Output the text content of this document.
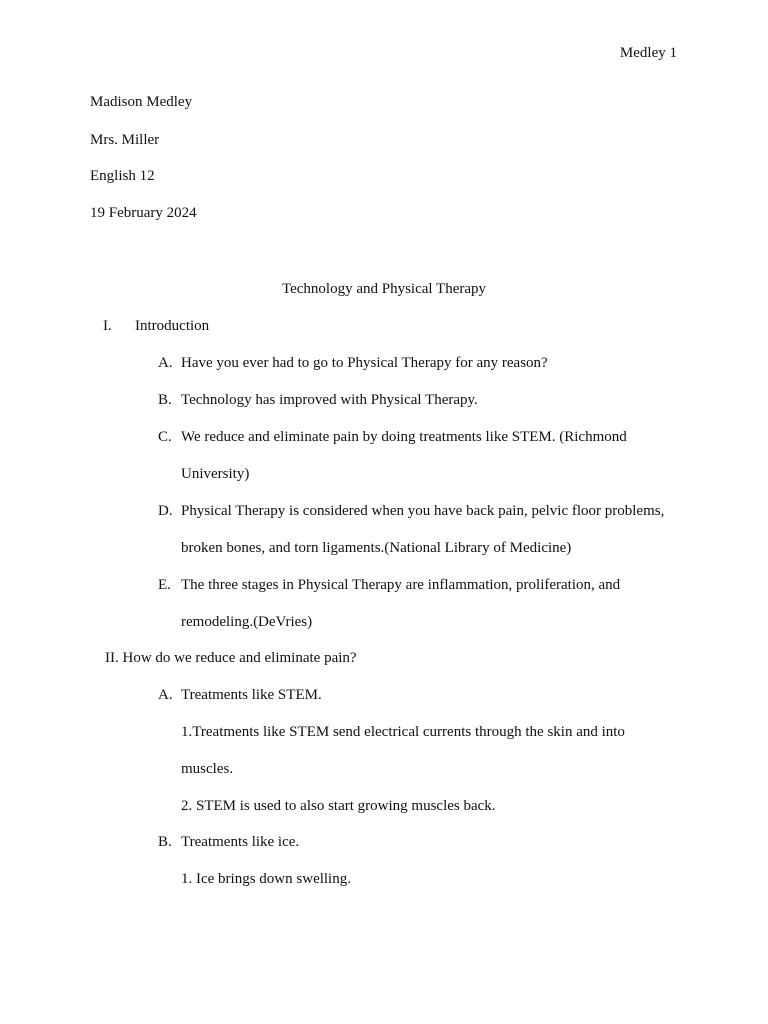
Medley 1
Madison Medley
Mrs. Miller
English 12
19 February 2024
Technology and Physical Therapy
I. Introduction
A. Have you ever had to go to Physical Therapy for any reason?
B. Technology has improved with Physical Therapy.
C. We reduce and eliminate pain by doing treatments like STEM. (Richmond
University)
D. Physical Therapy is considered when you have back pain, pelvic floor problems,
broken bones, and torn ligaments.(National Library of Medicine)
E. The three stages in Physical Therapy are inflammation, proliferation, and
remodeling.(DeVries)
II. How do we reduce and eliminate pain?
A. Treatments like STEM.
1.Treatments like STEM send electrical currents through the skin and into
muscles.
2. STEM is used to also start growing muscles back.
B. Treatments like ice.
1. Ice brings down swelling.
